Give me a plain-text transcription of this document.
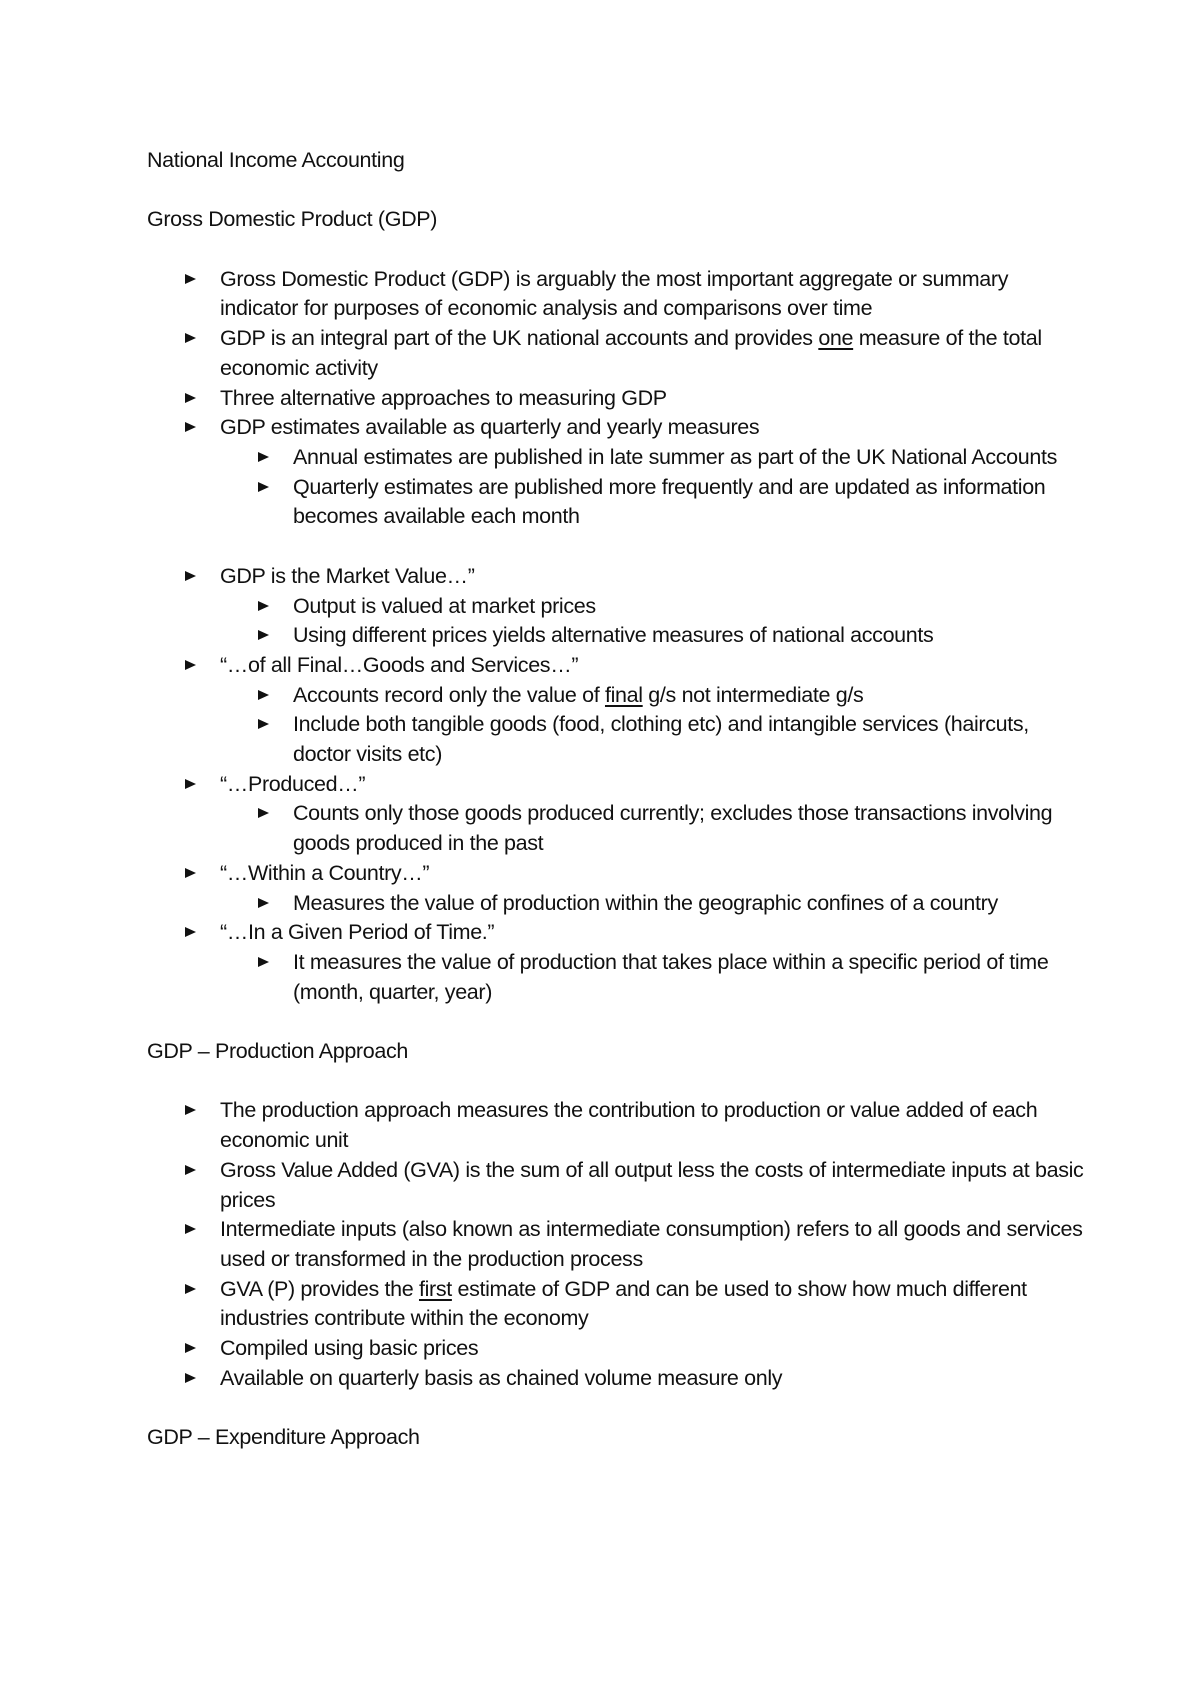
National Income Accounting

Gross Domestic Product (GDP)

Gross Domestic Product (GDP) is arguably the most important aggregate or summary indicator for purposes of economic analysis and comparisons over time
GDP is an integral part of the UK national accounts and provides one measure of the total economic activity
Three alternative approaches to measuring GDP
GDP estimates available as quarterly and yearly measures
Annual estimates are published in late summer as part of the UK National Accounts
Quarterly estimates are published more frequently and are updated as information becomes available each month
GDP is the Market Value…”
Output is valued at market prices
Using different prices yields alternative measures of national accounts
“…of all Final…Goods and Services…”
Accounts record only the value of final g/s not intermediate g/s
Include both tangible goods (food, clothing etc) and intangible services (haircuts, doctor visits etc)
“…Produced…”
Counts only those goods produced currently; excludes those transactions involving goods produced in the past
“…Within a Country…”
Measures the value of production within the geographic confines of a country
“…In a Given Period of Time.”
It measures the value of production that takes place within a specific period of time (month, quarter, year)

GDP – Production Approach

The production approach measures the contribution to production or value added of each economic unit
Gross Value Added (GVA) is the sum of all output less the costs of intermediate inputs at basic prices
Intermediate inputs (also known as intermediate consumption) refers to all goods and services used or transformed in the production process
GVA (P) provides the first estimate of GDP and can be used to show how much different industries contribute within the economy
Compiled using basic prices
Available on quarterly basis as chained volume measure only

GDP – Expenditure Approach
